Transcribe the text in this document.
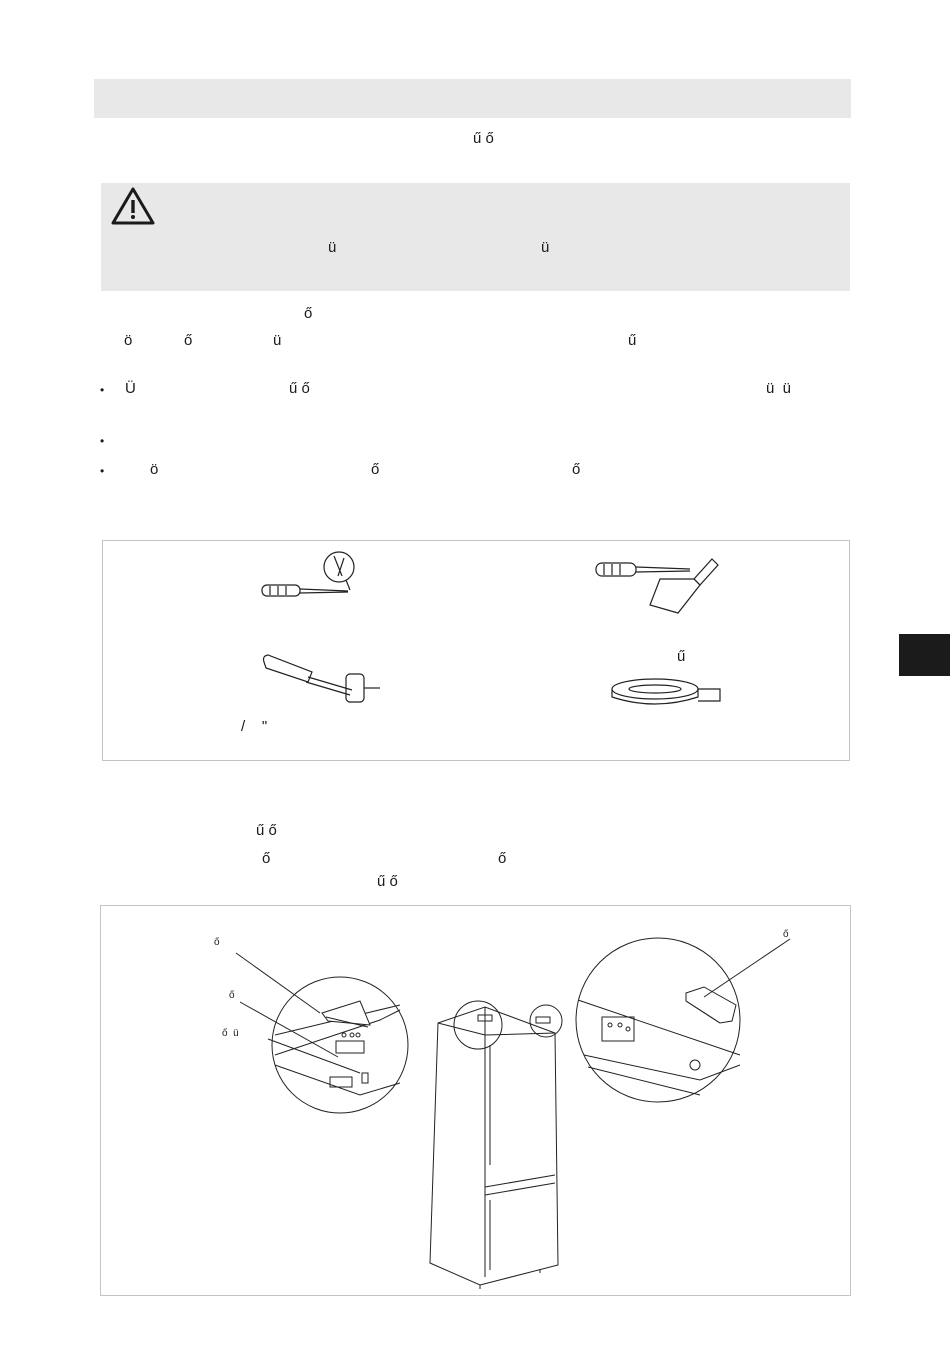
ű ő
ü	ü
ő
ö	ő	ü	ű
• Ü	ű ő	ü  ü
•
•	ö	ő	ő
ű
/    "
ű ő
ő	ő
ű ő
ő
ő
ő  ü
ő
